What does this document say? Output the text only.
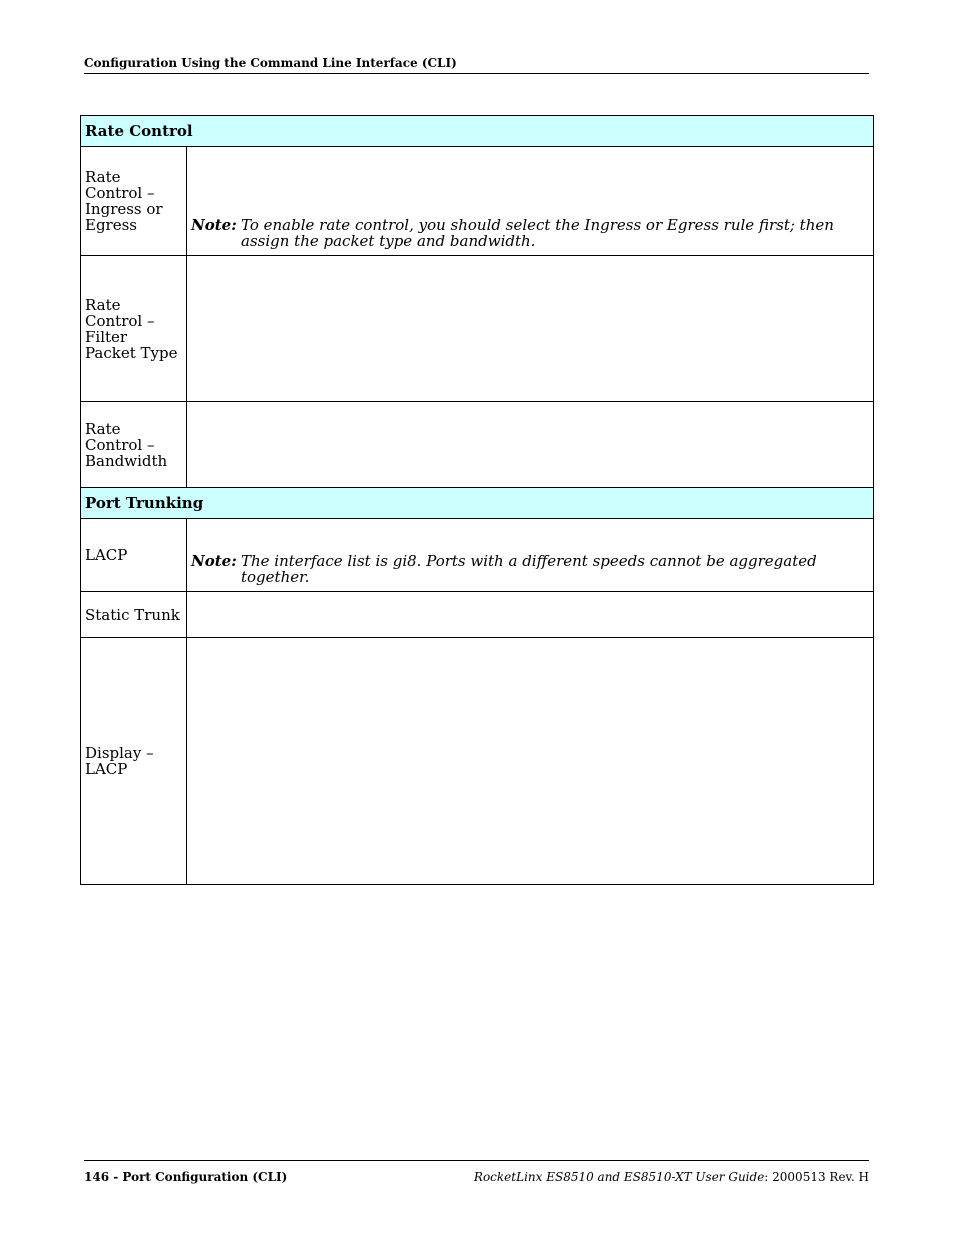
Configuration Using the Command Line Interface (CLI)
Rate Control	
Rate Control – Ingress or Egress	Note: To enable rate control, you should select the Ingress or Egress rule first; then assign the packet type and bandwidth.

Rate Control – Filter Packet Type	
Rate Control – Bandwidth	
Port Trunking	
LACP	Note: The interface list is gi8. Ports with a different speeds cannot be aggregated together.

Static Trunk	
Display – LACP	
146 - Port Configuration (CLI)	RocketLinx ES8510 and ES8510-XT User Guide: 2000513 Rev. H
